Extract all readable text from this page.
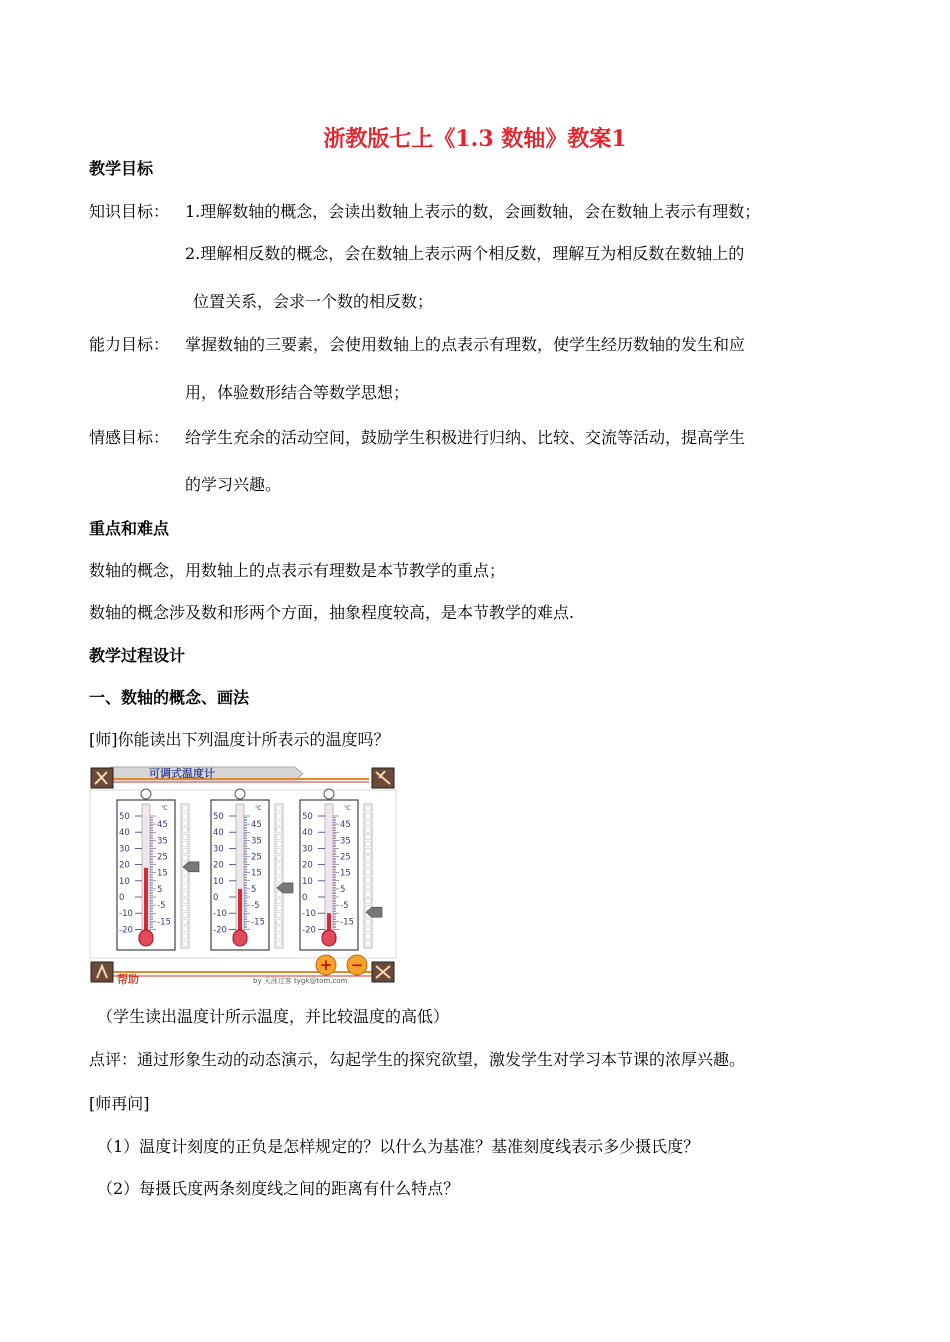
浙教版七上《1.3 数轴》教案1
教学目标
知识目标： 1.理解数轴的概念，会读出数轴上表示的数，会画数轴，会在数轴上表示有理数；
2.理解相反数的概念，会在数轴上表示两个相反数，理解互为相反数在数轴上的
位置关系，会求一个数的相反数；
能力目标： 掌握数轴的三要素，会使用数轴上的点表示有理数，使学生经历数轴的发生和应
用，体验数形结合等数学思想；
情感目标： 给学生充余的活动空间，鼓励学生积极进行归纳、比较、交流等活动，提高学生
的学习兴趣。
重点和难点
数轴的概念，用数轴上的点表示有理数是本节教学的重点；
数轴的概念涉及数和形两个方面，抽象程度较高，是本节教学的难点.
教学过程设计
一、数轴的概念、画法
[师]你能读出下列温度计所表示的温度吗？
可调式温度计
帮助	by 天涯过客 tygk@tom.com
+ −
℃
50
40
30
20
10
0
-10
-20
45
35
25
15
5
-5
-15
℃
50
40
30
20
10
0
-10
-20
45
35
25
15
5
-5
-15
℃
50
40
30
20
10
0
-10
-20
45
35
25
15
5
-5
-15
（学生读出温度计所示温度，并比较温度的高低）
点评：通过形象生动的动态演示，勾起学生的探究欲望，激发学生对学习本节课的浓厚兴趣。
[师再问]
（1）温度计刻度的正负是怎样规定的？以什么为基准？基准刻度线表示多少摄氏度？
（2）每摄氏度两条刻度线之间的距离有什么特点？
